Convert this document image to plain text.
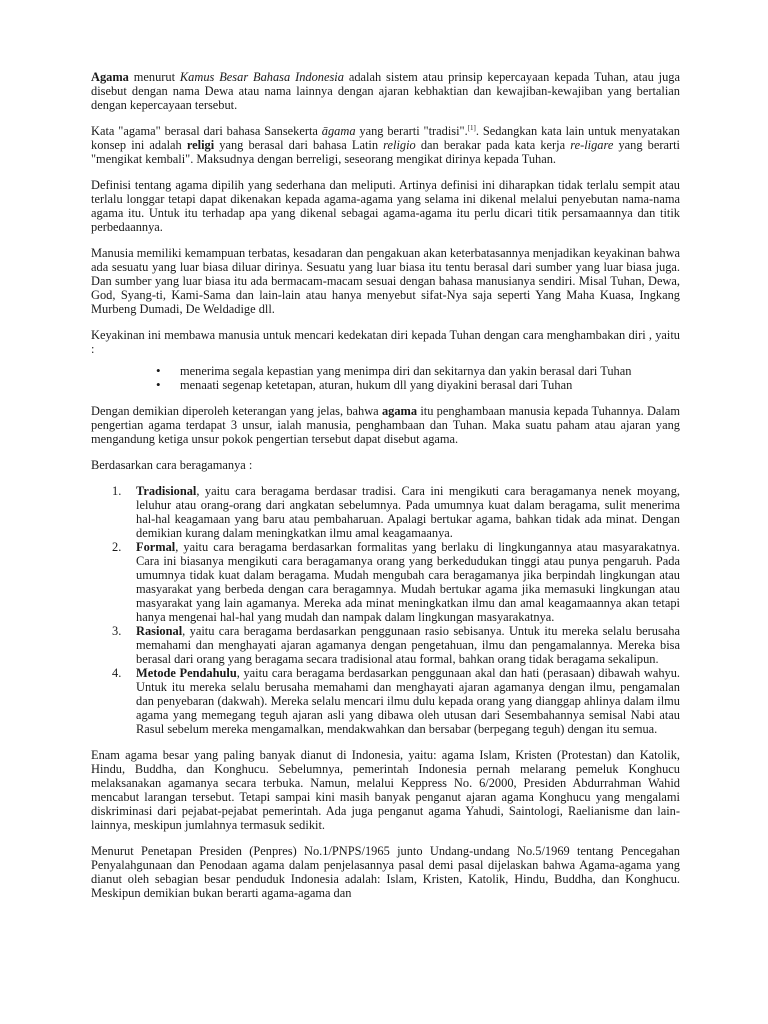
Agama menurut Kamus Besar Bahasa Indonesia adalah sistem atau prinsip kepercayaan kepada Tuhan, atau juga disebut dengan nama Dewa atau nama lainnya dengan ajaran kebhaktian dan kewajiban-kewajiban yang bertalian dengan kepercayaan tersebut.

Kata "agama" berasal dari bahasa Sansekerta āgama yang berarti "tradisi".[1]. Sedangkan kata lain untuk menyatakan konsep ini adalah religi yang berasal dari bahasa Latin religio dan berakar pada kata kerja re-ligare yang berarti "mengikat kembali". Maksudnya dengan berreligi, seseorang mengikat dirinya kepada Tuhan.

Definisi tentang agama dipilih yang sederhana dan meliputi. Artinya definisi ini diharapkan tidak terlalu sempit atau terlalu longgar tetapi dapat dikenakan kepada agama-agama yang selama ini dikenal melalui penyebutan nama-nama agama itu. Untuk itu terhadap apa yang dikenal sebagai agama-agama itu perlu dicari titik persamaannya dan titik perbedaannya.

Manusia memiliki kemampuan terbatas, kesadaran dan pengakuan akan keterbatasannya menjadikan keyakinan bahwa ada sesuatu yang luar biasa diluar dirinya. Sesuatu yang luar biasa itu tentu berasal dari sumber yang luar biasa juga. Dan sumber yang luar biasa itu ada bermacam-macam sesuai dengan bahasa manusianya sendiri. Misal Tuhan, Dewa, God, Syang-ti, Kami-Sama dan lain-lain atau hanya menyebut sifat-Nya saja seperti Yang Maha Kuasa, Ingkang Murbeng Dumadi, De Weldadige dll.

Keyakinan ini membawa manusia untuk mencari kedekatan diri kepada Tuhan dengan cara menghambakan diri , yaitu :

• menerima segala kepastian yang menimpa diri dan sekitarnya dan yakin berasal dari Tuhan
• menaati segenap ketetapan, aturan, hukum dll yang diyakini berasal dari Tuhan

Dengan demikian diperoleh keterangan yang jelas, bahwa agama itu penghambaan manusia kepada Tuhannya. Dalam pengertian agama terdapat 3 unsur, ialah manusia, penghambaan dan Tuhan. Maka suatu paham atau ajaran yang mengandung ketiga unsur pokok pengertian tersebut dapat disebut agama.

Berdasarkan cara beragamanya :

1. Tradisional, yaitu cara beragama berdasar tradisi. Cara ini mengikuti cara beragamanya nenek moyang, leluhur atau orang-orang dari angkatan sebelumnya. Pada umumnya kuat dalam beragama, sulit menerima hal-hal keagamaan yang baru atau pembaharuan. Apalagi bertukar agama, bahkan tidak ada minat. Dengan demikian kurang dalam meningkatkan ilmu amal keagamaanya.
2. Formal, yaitu cara beragama berdasarkan formalitas yang berlaku di lingkungannya atau masyarakatnya. Cara ini biasanya mengikuti cara beragamanya orang yang berkedudukan tinggi atau punya pengaruh. Pada umumnya tidak kuat dalam beragama. Mudah mengubah cara beragamanya jika berpindah lingkungan atau masyarakat yang berbeda dengan cara beragamnya. Mudah bertukar agama jika memasuki lingkungan atau masyarakat yang lain agamanya. Mereka ada minat meningkatkan ilmu dan amal keagamaannya akan tetapi hanya mengenai hal-hal yang mudah dan nampak dalam lingkungan masyarakatnya.
3. Rasional, yaitu cara beragama berdasarkan penggunaan rasio sebisanya. Untuk itu mereka selalu berusaha memahami dan menghayati ajaran agamanya dengan pengetahuan, ilmu dan pengamalannya. Mereka bisa berasal dari orang yang beragama secara tradisional atau formal, bahkan orang tidak beragama sekalipun.
4. Metode Pendahulu, yaitu cara beragama berdasarkan penggunaan akal dan hati (perasaan) dibawah wahyu. Untuk itu mereka selalu berusaha memahami dan menghayati ajaran agamanya dengan ilmu, pengamalan dan penyebaran (dakwah). Mereka selalu mencari ilmu dulu kepada orang yang dianggap ahlinya dalam ilmu agama yang memegang teguh ajaran asli yang dibawa oleh utusan dari Sesembahannya semisal Nabi atau Rasul sebelum mereka mengamalkan, mendakwahkan dan bersabar (berpegang teguh) dengan itu semua.

Enam agama besar yang paling banyak dianut di Indonesia, yaitu: agama Islam, Kristen (Protestan) dan Katolik, Hindu, Buddha, dan Konghucu. Sebelumnya, pemerintah Indonesia pernah melarang pemeluk Konghucu melaksanakan agamanya secara terbuka. Namun, melalui Keppress No. 6/2000, Presiden Abdurrahman Wahid mencabut larangan tersebut. Tetapi sampai kini masih banyak penganut ajaran agama Konghucu yang mengalami diskriminasi dari pejabat-pejabat pemerintah. Ada juga penganut agama Yahudi, Saintologi, Raelianisme dan lain-lainnya, meskipun jumlahnya termasuk sedikit.

Menurut Penetapan Presiden (Penpres) No.1/PNPS/1965 junto Undang-undang No.5/1969 tentang Pencegahan Penyalahgunaan dan Penodaan agama dalam penjelasannya pasal demi pasal dijelaskan bahwa Agama-agama yang dianut oleh sebagian besar penduduk Indonesia adalah: Islam, Kristen, Katolik, Hindu, Buddha, dan Konghucu. Meskipun demikian bukan berarti agama-agama dan
